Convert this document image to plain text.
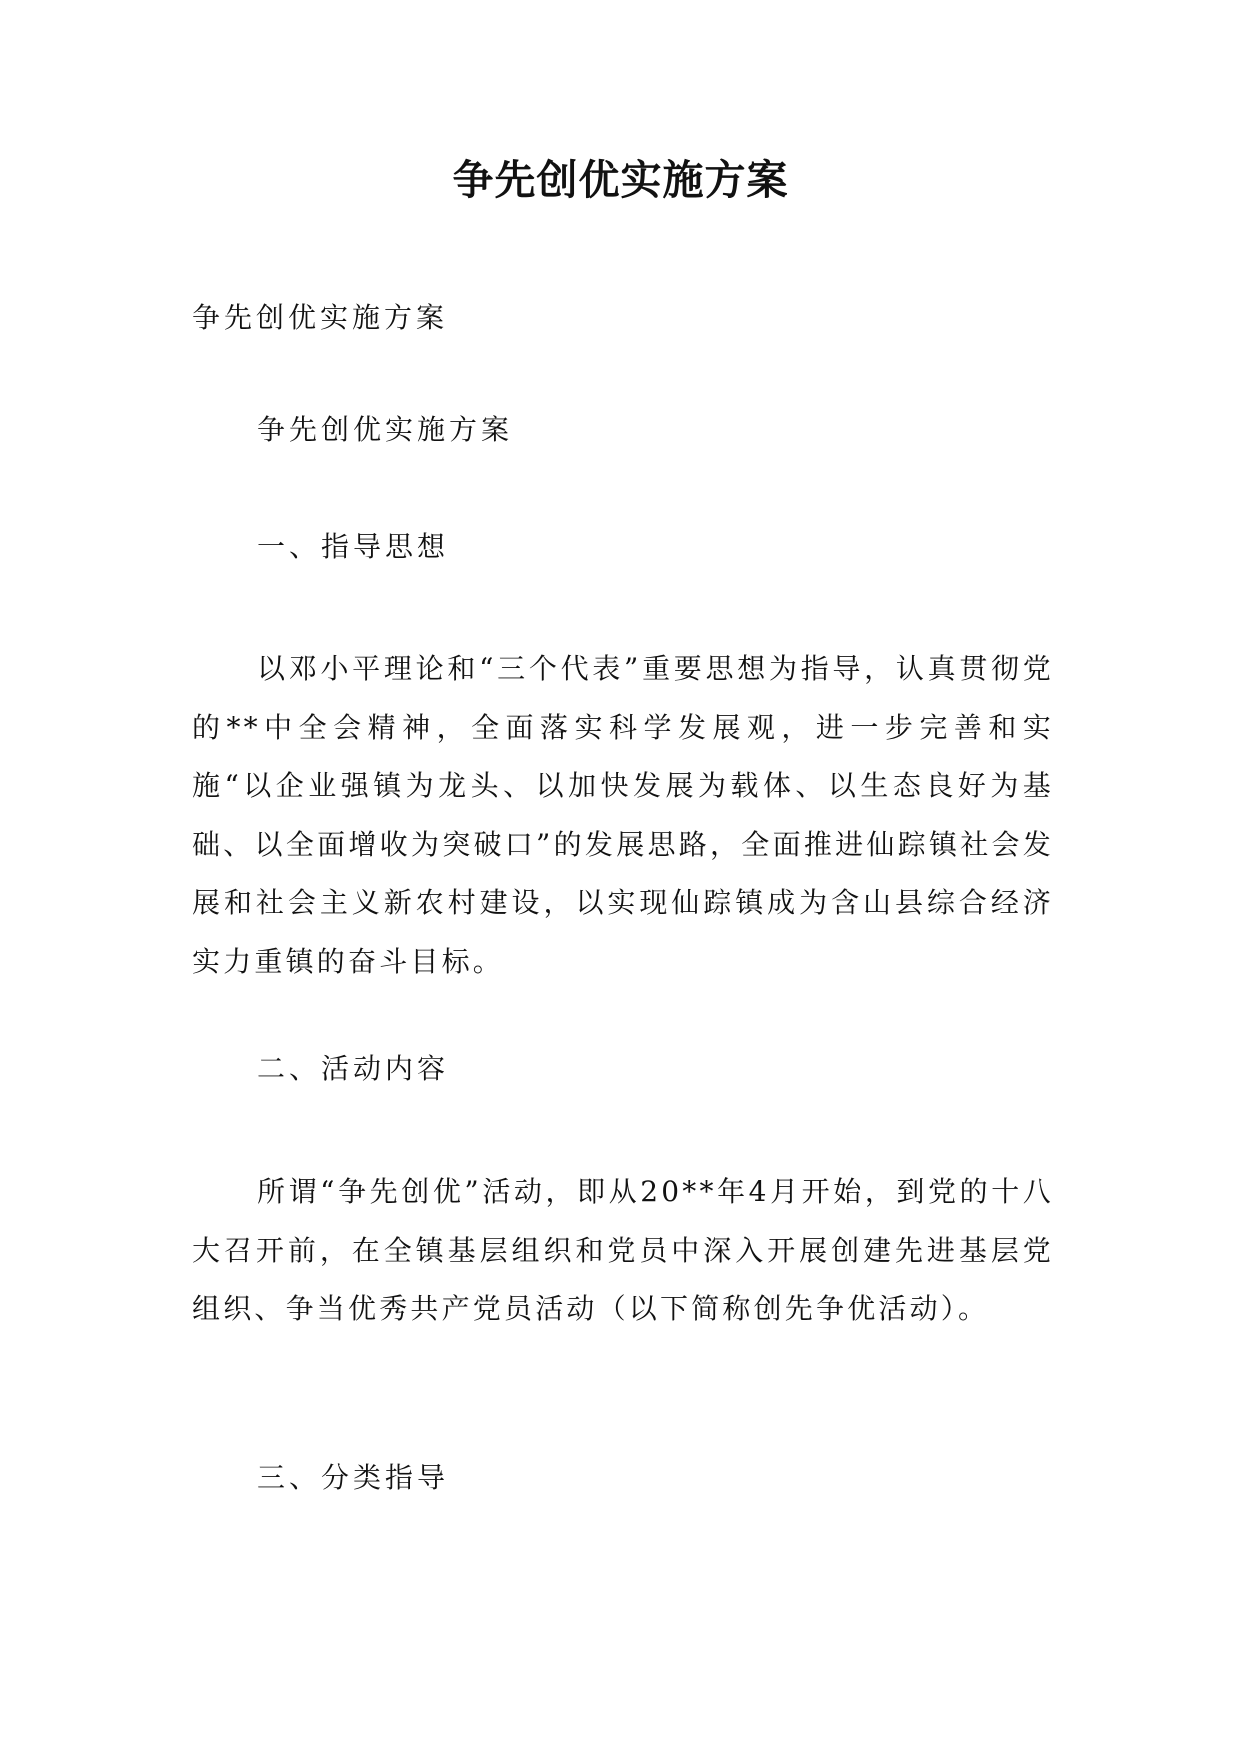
争先创优实施方案

争先创优实施方案

争先创优实施方案

一、指导思想

以邓小平理论和“三个代表”重要思想为指导，认真贯彻党的**中全会精神，全面落实科学发展观，进一步完善和实施“以企业强镇为龙头、以加快发展为载体、以生态良好为基础、以全面增收为突破口”的发展思路，全面推进仙踪镇社会发展和社会主义新农村建设，以实现仙踪镇成为含山县综合经济实力重镇的奋斗目标。

二、活动内容

所谓“争先创优”活动，即从20**年4月开始，到党的十八大召开前，在全镇基层组织和党员中深入开展创建先进基层党组织、争当优秀共产党员活动（以下简称创先争优活动）。

三、分类指导
